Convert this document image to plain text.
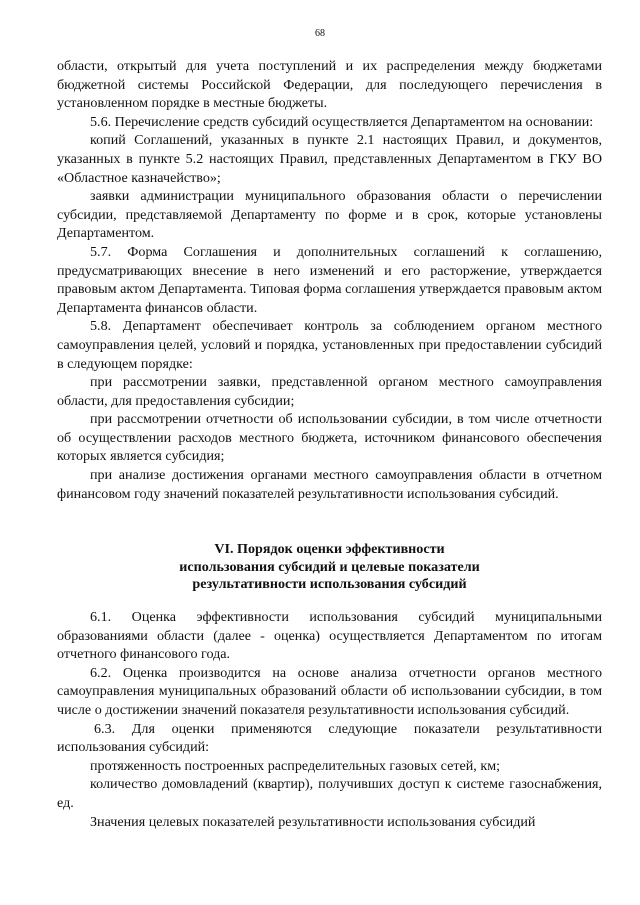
68

области, открытый для учета поступлений и их распределения между бюджетами бюджетной системы Российской Федерации, для последующего перечисления в установленном порядке в местные бюджеты.

5.6. Перечисление средств субсидий осуществляется Департаментом на основании:

копий Соглашений, указанных в пункте 2.1 настоящих Правил, и документов, указанных в пункте 5.2 настоящих Правил, представленных Департаментом в ГКУ ВО «Областное казначейство»;

заявки администрации муниципального образования области о перечислении субсидии, представляемой Департаменту по форме и в срок, которые установлены Департаментом.

5.7. Форма Соглашения и дополнительных соглашений к соглашению, предусматривающих внесение в него изменений и его расторжение, утверждается правовым актом Департамента. Типовая форма соглашения утверждается правовым актом Департамента финансов области.

5.8. Департамент обеспечивает контроль за соблюдением органом местного самоуправления целей, условий и порядка, установленных при предоставлении субсидий в следующем порядке:

при рассмотрении заявки, представленной органом местного самоуправления области, для предоставления субсидии;

при рассмотрении отчетности об использовании субсидии, в том числе отчетности об осуществлении расходов местного бюджета, источником финансового обеспечения которых является субсидия;

при анализе достижения органами местного самоуправления области в отчетном финансовом году значений показателей результативности использования субсидий.

VI. Порядок оценки эффективности
использования субсидий и целевые показатели
результативности использования субсидий

6.1. Оценка эффективности использования субсидий муниципальными образованиями области (далее - оценка) осуществляется Департаментом по итогам отчетного финансового года.

6.2. Оценка производится на основе анализа отчетности органов местного самоуправления муниципальных образований области об использовании субсидии, в том числе о достижении значений показателя результативности использования субсидий.

6.3. Для оценки применяются следующие показатели результативности использования субсидий:

протяженность построенных распределительных газовых сетей, км;

количество домовладений (квартир), получивших доступ к системе газоснабжения, ед.

Значения целевых показателей результативности использования субсидий
